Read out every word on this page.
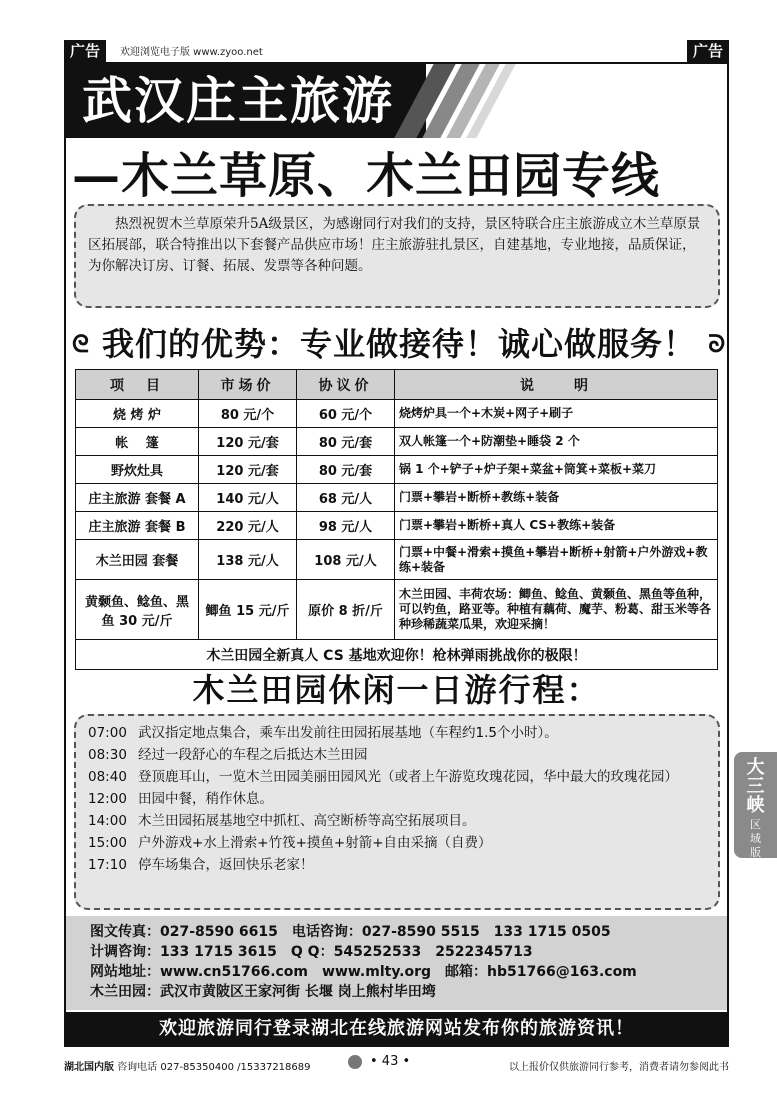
广告	欢迎浏览电子版 www.zyoo.net	广告
武汉庄主旅游
—木兰草原、木兰田园专线
热烈祝贺木兰草原荣升5A级景区，为感谢同行对我们的支持，景区特联合庄主旅游成立木兰草原景区拓展部，联合特推出以下套餐产品供应市场！庄主旅游驻扎景区，自建基地，专业地接，品质保证，为你解决订房、订餐、拓展、发票等各种问题。
ᘓ 我们的优势：专业做接待！诚心做服务！ ᘐ
项　目	市场价	协议价	说　　明
烧 烤 炉	80 元/个	60 元/个	烧烤炉具一个+木炭+网子+刷子
帐　 篷	120 元/套	80 元/套	双人帐篷一个+防潮垫+睡袋 2 个
野炊灶具	120 元/套	80 元/套	锅 1 个+铲子+炉子架+菜盆+筒箕+菜板+菜刀
庄主旅游 套餐 A	140 元/人	68 元/人	门票+攀岩+断桥+教练+装备
庄主旅游 套餐 B	220 元/人	98 元/人	门票+攀岩+断桥+真人 CS+教练+装备
木兰田园 套餐	138 元/人	108 元/人	门票+中餐+滑索+摸鱼+攀岩+断桥+射箭+户外游戏+教练+装备
黄颡鱼、鲶鱼、黑鱼 30 元/斤	鲫鱼 15 元/斤	原价 8 折/斤	木兰田园、丰荷农场：鲫鱼、鲶鱼、黄颡鱼、黑鱼等鱼种，可以钓鱼，路亚等。种植有藕荷、魔芋、粉葛、甜玉米等各种珍稀蔬菜瓜果，欢迎采摘！
木兰田园全新真人 CS 基地欢迎你！枪林弹雨挑战你的极限！			
木兰田园休闲一日游行程：
07:00 武汉指定地点集合，乘车出发前往田园拓展基地（车程约1.5个小时）。
08:30 经过一段舒心的车程之后抵达木兰田园
08:40 登顶鹿耳山，一览木兰田园美丽田园风光（或者上午游览玫瑰花园，华中最大的玫瑰花园）
12:00 田园中餐，稍作休息。
14:00 木兰田园拓展基地空中抓杠、高空断桥等高空拓展项目。
15:00 户外游戏+水上滑索+竹筏+摸鱼+射箭+自由采摘（自费）
17:10 停车场集合，返回快乐老家！
图文传真：027-8590 6615 电话咨询：027-8590 5515　133 1715 0505
计调咨询：133 1715 3615 Q Q：545252533　2522345713
网站地址：www.cn51766.com　www.mlty.org 邮箱：hb51766@163.com
木兰田园：武汉市黄陂区王家河街 长堰 岗上熊村毕田塆
欢迎旅游同行登录湖北在线旅游网站发布你的旅游资讯！
湖北国内版 咨询电话 027-85350400 /15337218689	• 43 •	以上报价仅供旅游同行参考，消费者请勿参阅此书
大
三
峡
区
域
版
